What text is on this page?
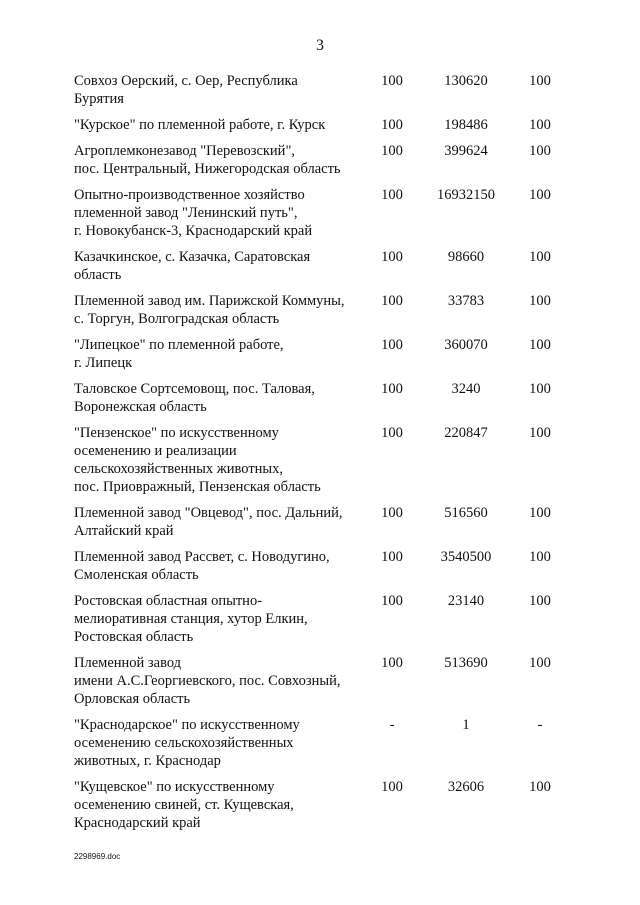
3
Совхоз Оерский, с. Оер, Республика
Бурятия
100	130620	100
"Курское" по племенной работе, г. Курск	100	198486	100
Агроплемконезавод "Перевозский",
пос. Центральный, Нижегородская область
100	399624	100
Опытно-производственное хозяйство
племенной завод "Ленинский путь",
г. Новокубанск-3, Краснодарский край
100	16932150	100
Казачкинское, с. Казачка, Саратовская
область
100	98660	100
Племенной завод им. Парижской Коммуны,
с. Торгун, Волгоградская область
100	33783	100
"Липецкое" по племенной работе,
г. Липецк
100	360070	100
Таловское Сортсемовощ, пос. Таловая,
Воронежская область
100	3240	100
"Пензенское" по искусственному
осеменению и реализации
сельскохозяйственных животных,
пос. Приовражный, Пензенская область
100	220847	100
Племенной завод "Овцевод", пос. Дальний,
Алтайский край
100	516560	100
Племенной завод Рассвет, с. Новодугино,
Смоленская область
100	3540500	100
Ростовская областная опытно-
мелиоративная станция, хутор Елкин,
Ростовская область
100	23140	100
Племенной завод
имени А.С.Георгиевского, пос. Совхозный,
Орловская область
100	513690	100
"Краснодарское" по искусственному
осеменению сельскохозяйственных
животных, г. Краснодар
-	1	-
"Кущевское" по искусственному
осеменению свиней, ст. Кущевская,
Краснодарский край
100	32606	100
2298969.doc
